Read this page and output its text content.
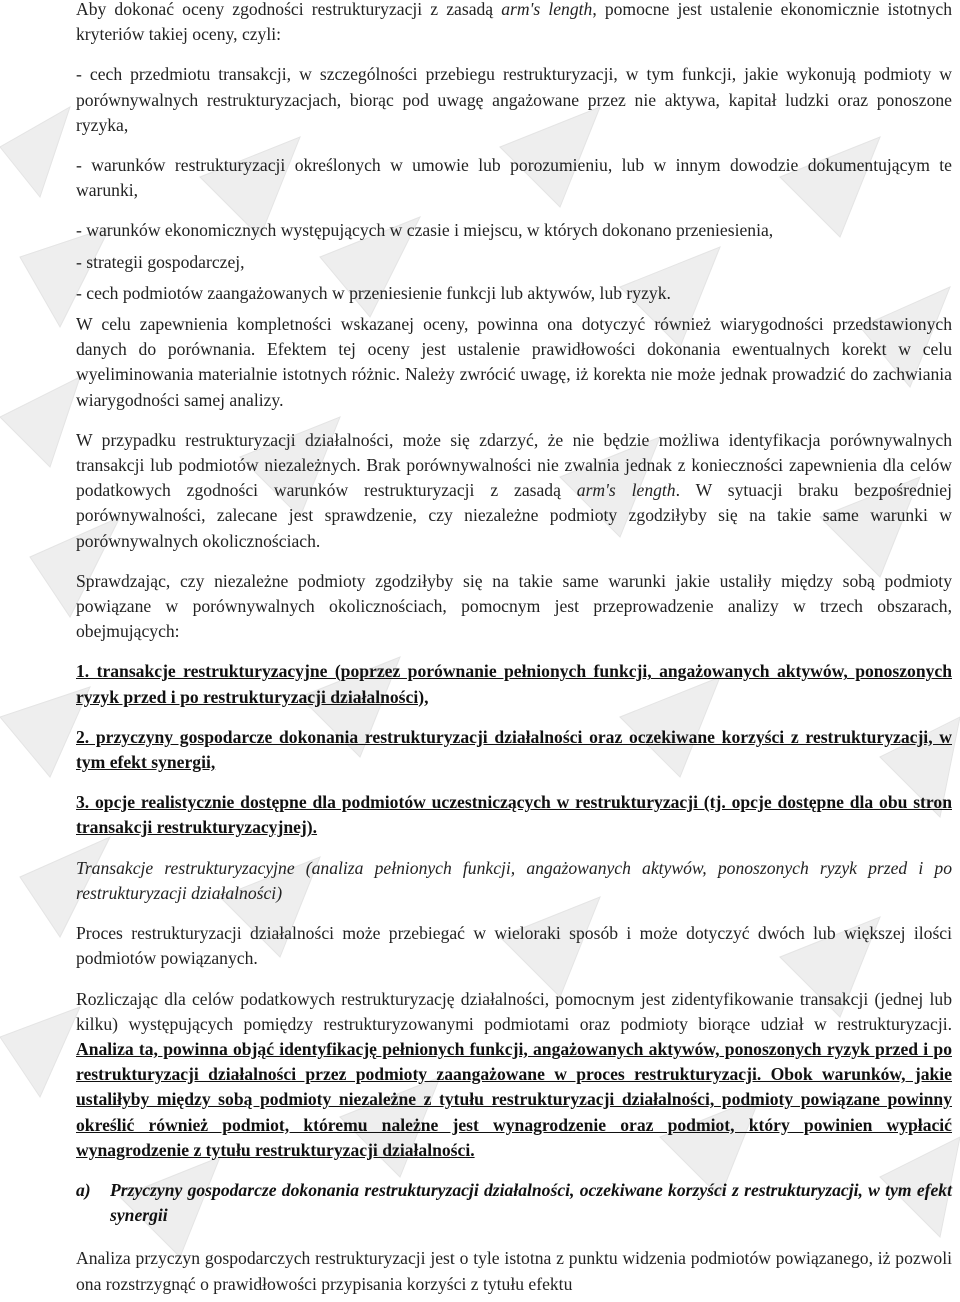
Aby dokonać oceny zgodności restrukturyzacji z zasadą arm's length, pomocne jest ustalenie ekonomicznie istotnych kryteriów takiej oceny, czyli:

- cech przedmiotu transakcji, w szczególności przebiegu restrukturyzacji, w tym funkcji, jakie wykonują podmioty w porównywalnych restrukturyzacjach, biorąc pod uwagę angażowane przez nie aktywa, kapitał ludzki oraz ponoszone ryzyka,

- warunków restrukturyzacji określonych w umowie lub porozumieniu, lub w innym dowodzie dokumentującym te warunki,

- warunków ekonomicznych występujących w czasie i miejscu, w których dokonano przeniesienia,

- strategii gospodarczej,

- cech podmiotów zaangażowanych w przeniesienie funkcji lub aktywów, lub ryzyk.

W celu zapewnienia kompletności wskazanej oceny, powinna ona dotyczyć również wiarygodności przedstawionych danych do porównania. Efektem tej oceny jest ustalenie prawidłowości dokonania ewentualnych korekt w celu wyeliminowania materialnie istotnych różnic. Należy zwrócić uwagę, iż korekta nie może jednak prowadzić do zachwiania wiarygodności samej analizy.

W przypadku restrukturyzacji działalności, może się zdarzyć, że nie będzie możliwa identyfikacja porównywalnych transakcji lub podmiotów niezależnych. Brak porównywalności nie zwalnia jednak z konieczności zapewnienia dla celów podatkowych zgodności warunków restrukturyzacji z zasadą arm's length. W sytuacji braku bezpośredniej porównywalności, zalecane jest sprawdzenie, czy niezależne podmioty zgodziłyby się na takie same warunki w porównywalnych okolicznościach.

Sprawdzając, czy niezależne podmioty zgodziłyby się na takie same warunki jakie ustaliły między sobą podmioty powiązane w porównywalnych okolicznościach, pomocnym jest przeprowadzenie analizy w trzech obszarach, obejmujących:

1. transakcje restrukturyzacyjne (poprzez porównanie pełnionych funkcji, angażowanych aktywów, ponoszonych ryzyk przed i po restrukturyzacji działalności),

2. przyczyny gospodarcze dokonania restrukturyzacji działalności oraz oczekiwane korzyści z restrukturyzacji, w tym efekt synergii,

3. opcje realistycznie dostępne dla podmiotów uczestniczących w restrukturyzacji (tj. opcje dostępne dla obu stron transakcji restrukturyzacyjnej).

Transakcje restrukturyzacyjne (analiza pełnionych funkcji, angażowanych aktywów, ponoszonych ryzyk przed i po restrukturyzacji działalności)

Proces restrukturyzacji działalności może przebiegać w wieloraki sposób i może dotyczyć dwóch lub większej ilości podmiotów powiązanych.

Rozliczając dla celów podatkowych restrukturyzację działalności, pomocnym jest zidentyfikowanie transakcji (jednej lub kilku) występujących pomiędzy restrukturyzowanymi podmiotami oraz podmioty biorące udział w restrukturyzacji. Analiza ta, powinna objąć identyfikację pełnionych funkcji, angażowanych aktywów, ponoszonych ryzyk przed i po restrukturyzacji działalności przez podmioty zaangażowane w proces restrukturyzacji. Obok warunków, jakie ustaliłyby między sobą podmioty niezależne z tytułu restrukturyzacji działalności, podmioty powiązane powinny określić również podmiot, któremu należne jest wynagrodzenie oraz podmiot, który powinien wypłacić wynagrodzenie z tytułu restrukturyzacji działalności.

a)	Przyczyny gospodarcze dokonania restrukturyzacji działalności, oczekiwane korzyści z restrukturyzacji, w tym efekt synergii

Analiza przyczyn gospodarczych restrukturyzacji jest o tyle istotna z punktu widzenia podmiotów powiązanego, iż pozwoli ona rozstrzygnąć o prawidłowości przypisania korzyści z tytułu efektu
